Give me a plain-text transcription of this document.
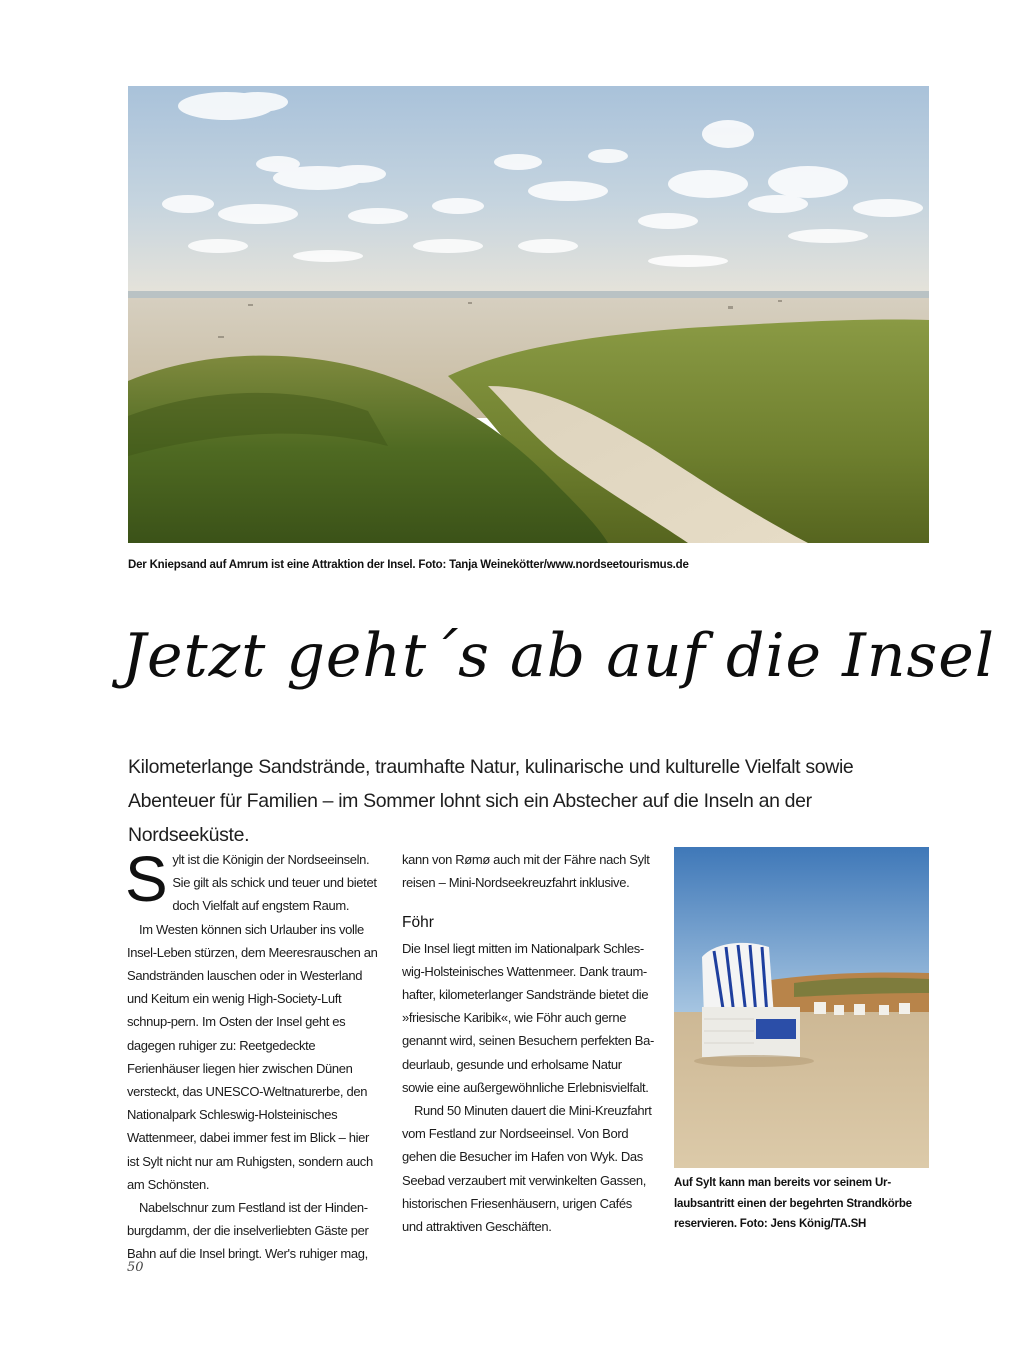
Der Kniepsand auf Amrum ist eine Attraktion der Insel. Foto: Tanja Weinekötter/www.nordseetourismus.de
Jetzt geht´s ab auf die Insel
Kilometerlange Sandstrände, traumhafte Natur, kulinarische und kulturelle Vielfalt sowie Abenteuer für Familien – im Sommer lohnt sich ein Abstecher auf die Inseln an der Nordseeküste.

Sylt ist die Königin der Nordseeinseln. Sie gilt als schick und teuer und bietet doch Vielfalt auf engstem Raum.

Im Westen können sich Urlauber ins volle Insel-Leben stürzen, dem Meeresrauschen an Sandstränden lauschen oder in Westerland und Keitum ein wenig High-Society-Luft schnup-pern. Im Osten der Insel geht es dagegen ruhiger zu: Reetgedeckte Ferienhäuser liegen hier zwischen Dünen versteckt, das UNESCO-Weltnaturerbe, den Nationalpark Schleswig-Holsteinisches Wattenmeer, dabei immer fest im Blick – hier ist Sylt nicht nur am Ruhigsten, sondern auch am Schönsten.

Nabelschnur zum Festland ist der Hinden-burgdamm, der die inselverliebten Gäste per Bahn auf die Insel bringt. Wer's ruhiger mag,

kann von Rømø auch mit der Fähre nach Sylt reisen – Mini-Nordseekreuzfahrt inklusive.

Föhr

Die Insel liegt mitten im Nationalpark Schles-wig-Holsteinisches Wattenmeer. Dank traum-hafter, kilometerlanger Sandstrände bietet die »friesische Karibik«, wie Föhr auch gerne genannt wird, seinen Besuchern perfekten Ba-deurlaub, gesunde und erholsame Natur sowie eine außergewöhnliche Erlebnisvielfalt.

Rund 50 Minuten dauert die Mini-Kreuzfahrt vom Festland zur Nordseeinsel. Von Bord gehen die Besucher im Hafen von Wyk. Das Seebad verzaubert mit verwinkelten Gassen, historischen Friesenhäusern, urigen Cafés und attraktiven Geschäften.

Auf Sylt kann man bereits vor seinem Ur-laubsantritt einen der begehrten Strandkörbe reservieren. Foto: Jens König/TA.SH
50
